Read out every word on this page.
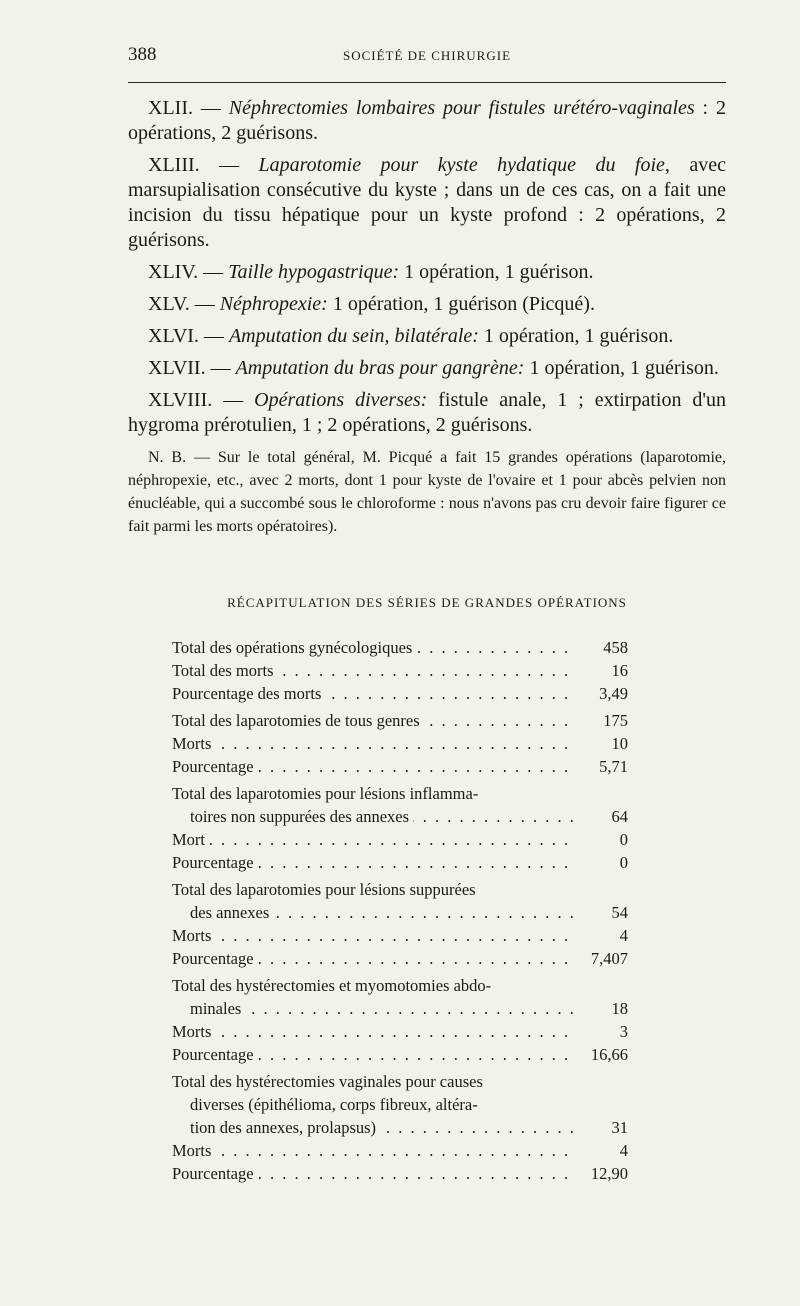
388	SOCIÉTÉ DE CHIRURGIE

XLII. — Néphrectomies lombaires pour fistules urétéro-vaginales : 2 opérations, 2 guérisons.

XLIII. — Laparotomie pour kyste hydatique du foie, avec marsupialisation consécutive du kyste ; dans un de ces cas, on a fait une incision du tissu hépatique pour un kyste profond : 2 opérations, 2 guérisons.

XLIV. — Taille hypogastrique: 1 opération, 1 guérison.

XLV. — Néphropexie: 1 opération, 1 guérison (Picqué).

XLVI. — Amputation du sein, bilatérale: 1 opération, 1 guérison.

XLVII. — Amputation du bras pour gangrène: 1 opération, 1 guérison.

XLVIII. — Opérations diverses: fistule anale, 1 ; extirpation d'un hygroma prérotulien, 1 ; 2 opérations, 2 guérisons.

N. B. — Sur le total général, M. Picqué a fait 15 grandes opérations (laparotomie, néphropexie, etc., avec 2 morts, dont 1 pour kyste de l'ovaire et 1 pour abcès pelvien non énucléable, qui a succombé sous le chloroforme : nous n'avons pas cru devoir faire figurer ce fait parmi les morts opératoires).

RÉCAPITULATION DES SÉRIES DE GRANDES OPÉRATIONS
Total des opérations gynécologiques . . .	458
Total des morts . . .	16
Pourcentage des morts . . .	3,49
Total des laparotomies de tous genres . . .	175
Morts . . .	10
Pourcentage . . .	5,71
Total des laparotomies pour lésions inflamma-
toires non suppurées des annexes . . .	64
Mort . . .	0
Pourcentage . . .	0
Total des laparotomies pour lésions suppurées
des annexes . . .	54
Morts . . .	4
Pourcentage . . .	7,407
Total des hystérectomies et myomotomies abdo-
minales . . .	18
Morts . . .	3
Pourcentage . . .	16,66
Total des hystérectomies vaginales pour causes
diverses (épithélioma, corps fibreux, altéra-
tion des annexes, prolapsus) . . .	31
Morts . . .	4
Pourcentage . . .	12,90
